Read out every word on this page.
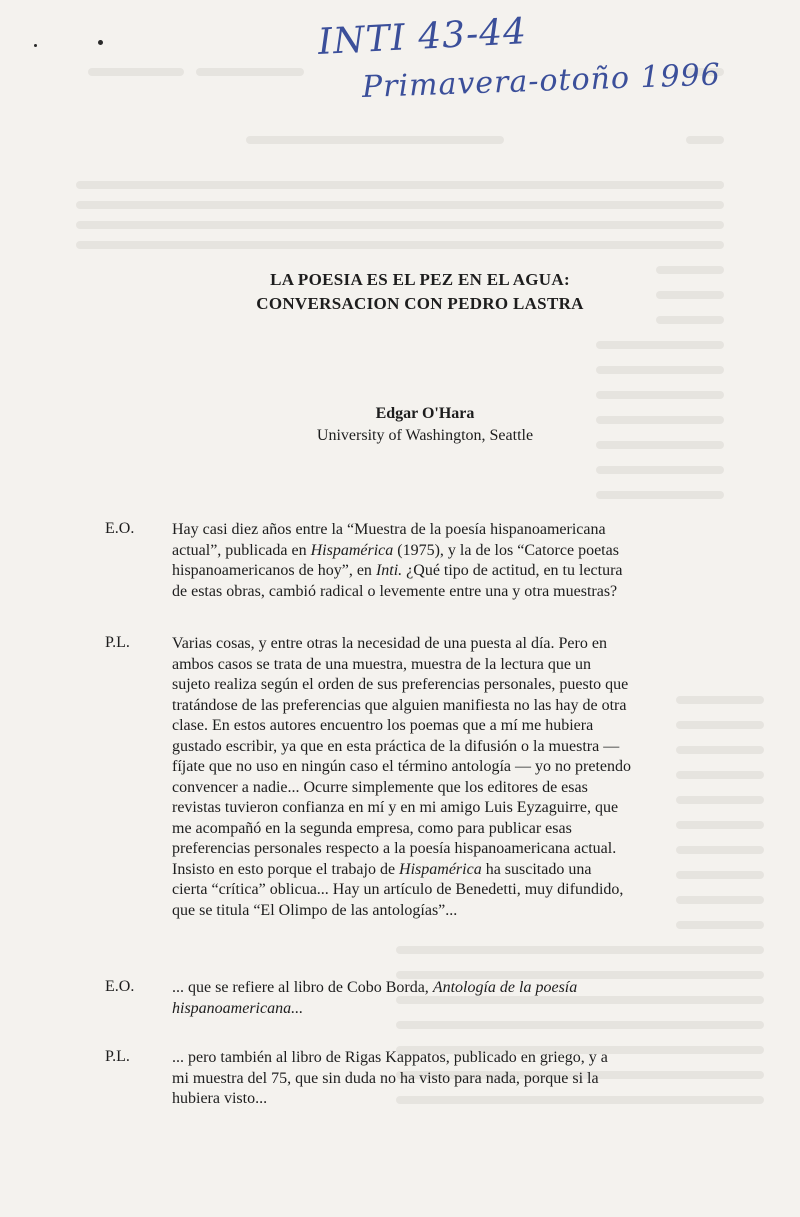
INTI 43-44
Primavera-otoño 1996
LA POESIA ES EL PEZ EN EL AGUA:
CONVERSACION CON PEDRO LASTRA
Edgar O'Hara
University of Washington, Seattle
E.O. Hay casi diez años entre la “Muestra de la poesía hispanoamericana

actual”, publicada en Hispamérica (1975), y la de los “Catorce poetas

hispanoamericanos de hoy”, en Inti. ¿Qué tipo de actitud, en tu lectura

de estas obras, cambió radical o levemente entre una y otra muestras?

P.L.	Varias cosas, y entre otras la necesidad de una puesta al día. Pero en

ambos casos se trata de una muestra, muestra de la lectura que un

sujeto realiza según el orden de sus preferencias personales, puesto que

tratándose de las preferencias que alguien manifiesta no las hay de otra

clase. En estos autores encuentro los poemas que a mí me hubiera

gustado escribir, ya que en esta práctica de la difusión o la muestra —

fíjate que no uso en ningún caso el término antología — yo no pretendo

convencer a nadie... Ocurre simplemente que los editores de esas

revistas tuvieron confianza en mí y en mi amigo Luis Eyzaguirre, que

me acompañó en la segunda empresa, como para publicar esas

preferencias personales respecto a la poesía hispanoamericana actual.

Insisto en esto porque el trabajo de Hispamérica ha suscitado una

cierta “crítica” oblicua... Hay un artículo de Benedetti, muy difundido,

que se titula “El Olimpo de las antologías”...

E.O. ... que se refiere al libro de Cobo Borda, Antología de la poesía

hispanoamericana...

P.L.	... pero también al libro de Rigas Kappatos, publicado en griego, y a

mi muestra del 75, que sin duda no ha visto para nada, porque si la

hubiera visto...
